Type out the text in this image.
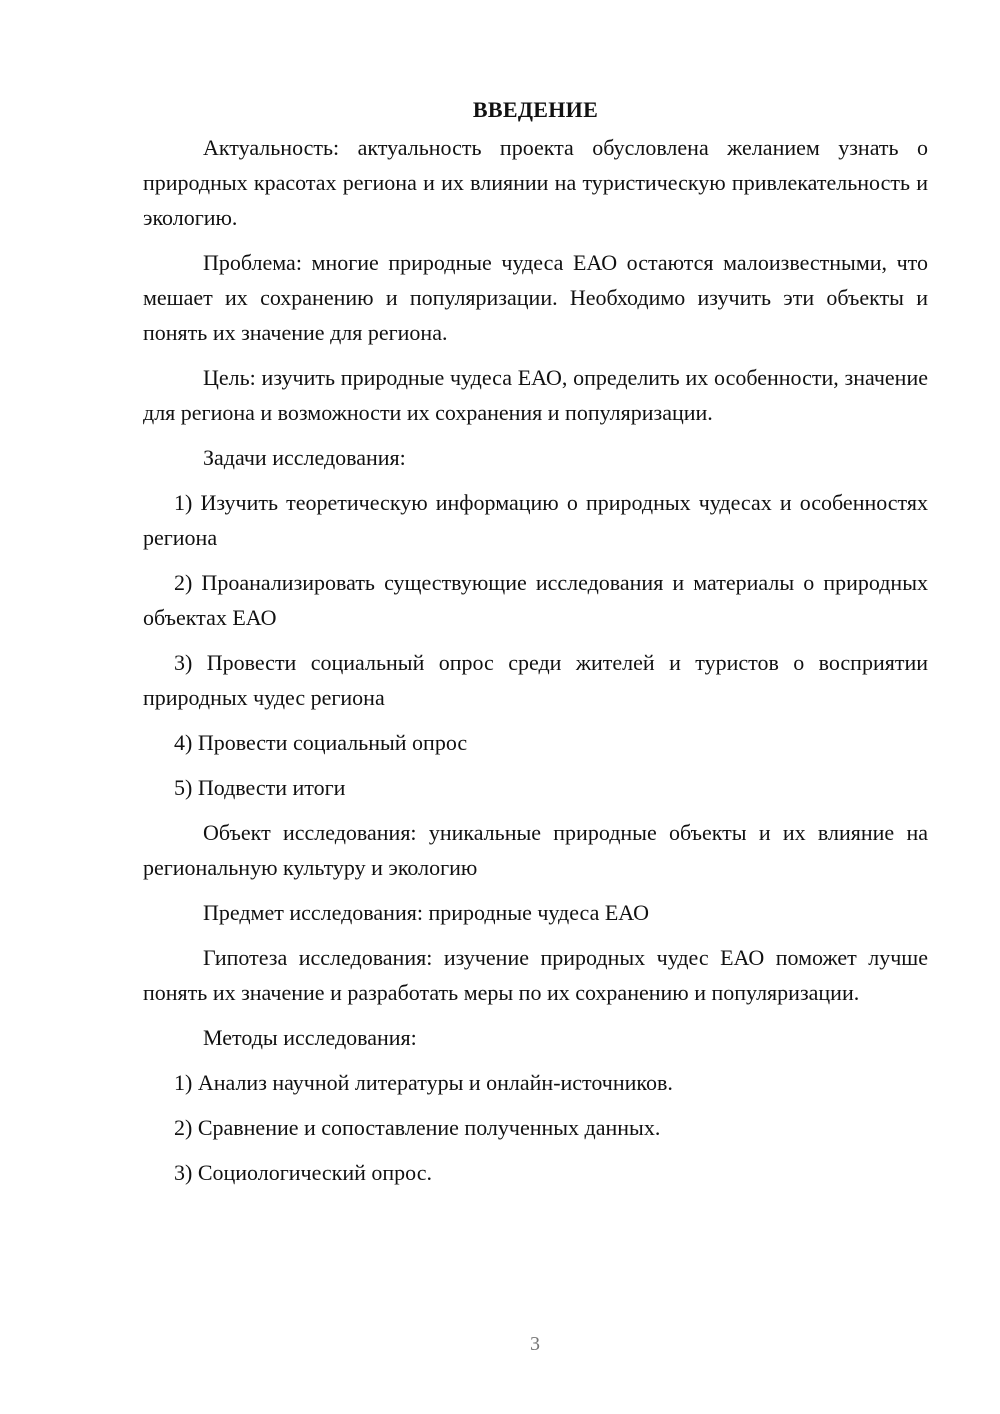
ВВЕДЕНИЕ

Актуальность: актуальность проекта обусловлена желанием узнать о природных красотах региона и их влиянии на туристическую привлекательность и экологию.

Проблема: многие природные чудеса ЕАО остаются малоизвестными, что мешает их сохранению и популяризации. Необходимо изучить эти объекты и понять их значение для региона.

Цель: изучить природные чудеса ЕАО, определить их особенности, значение для региона и возможности их сохранения и популяризации.

Задачи исследования:

1) Изучить теоретическую информацию о природных чудесах и особенностях региона

2) Проанализировать существующие исследования и материалы о природных объектах ЕАО

3) Провести социальный опрос среди жителей и туристов о восприятии природных чудес региона

4) Провести социальный опрос

5) Подвести итоги

Объект исследования: уникальные природные объекты и их влияние на региональную культуру и экологию

Предмет исследования: природные чудеса ЕАО

Гипотеза исследования: изучение природных чудес ЕАО поможет лучше понять их значение и разработать меры по их сохранению и популяризации.

Методы исследования:

1) Анализ научной литературы и онлайн-источников.

2) Сравнение и сопоставление полученных данных.

3) Социологический опрос.

3
